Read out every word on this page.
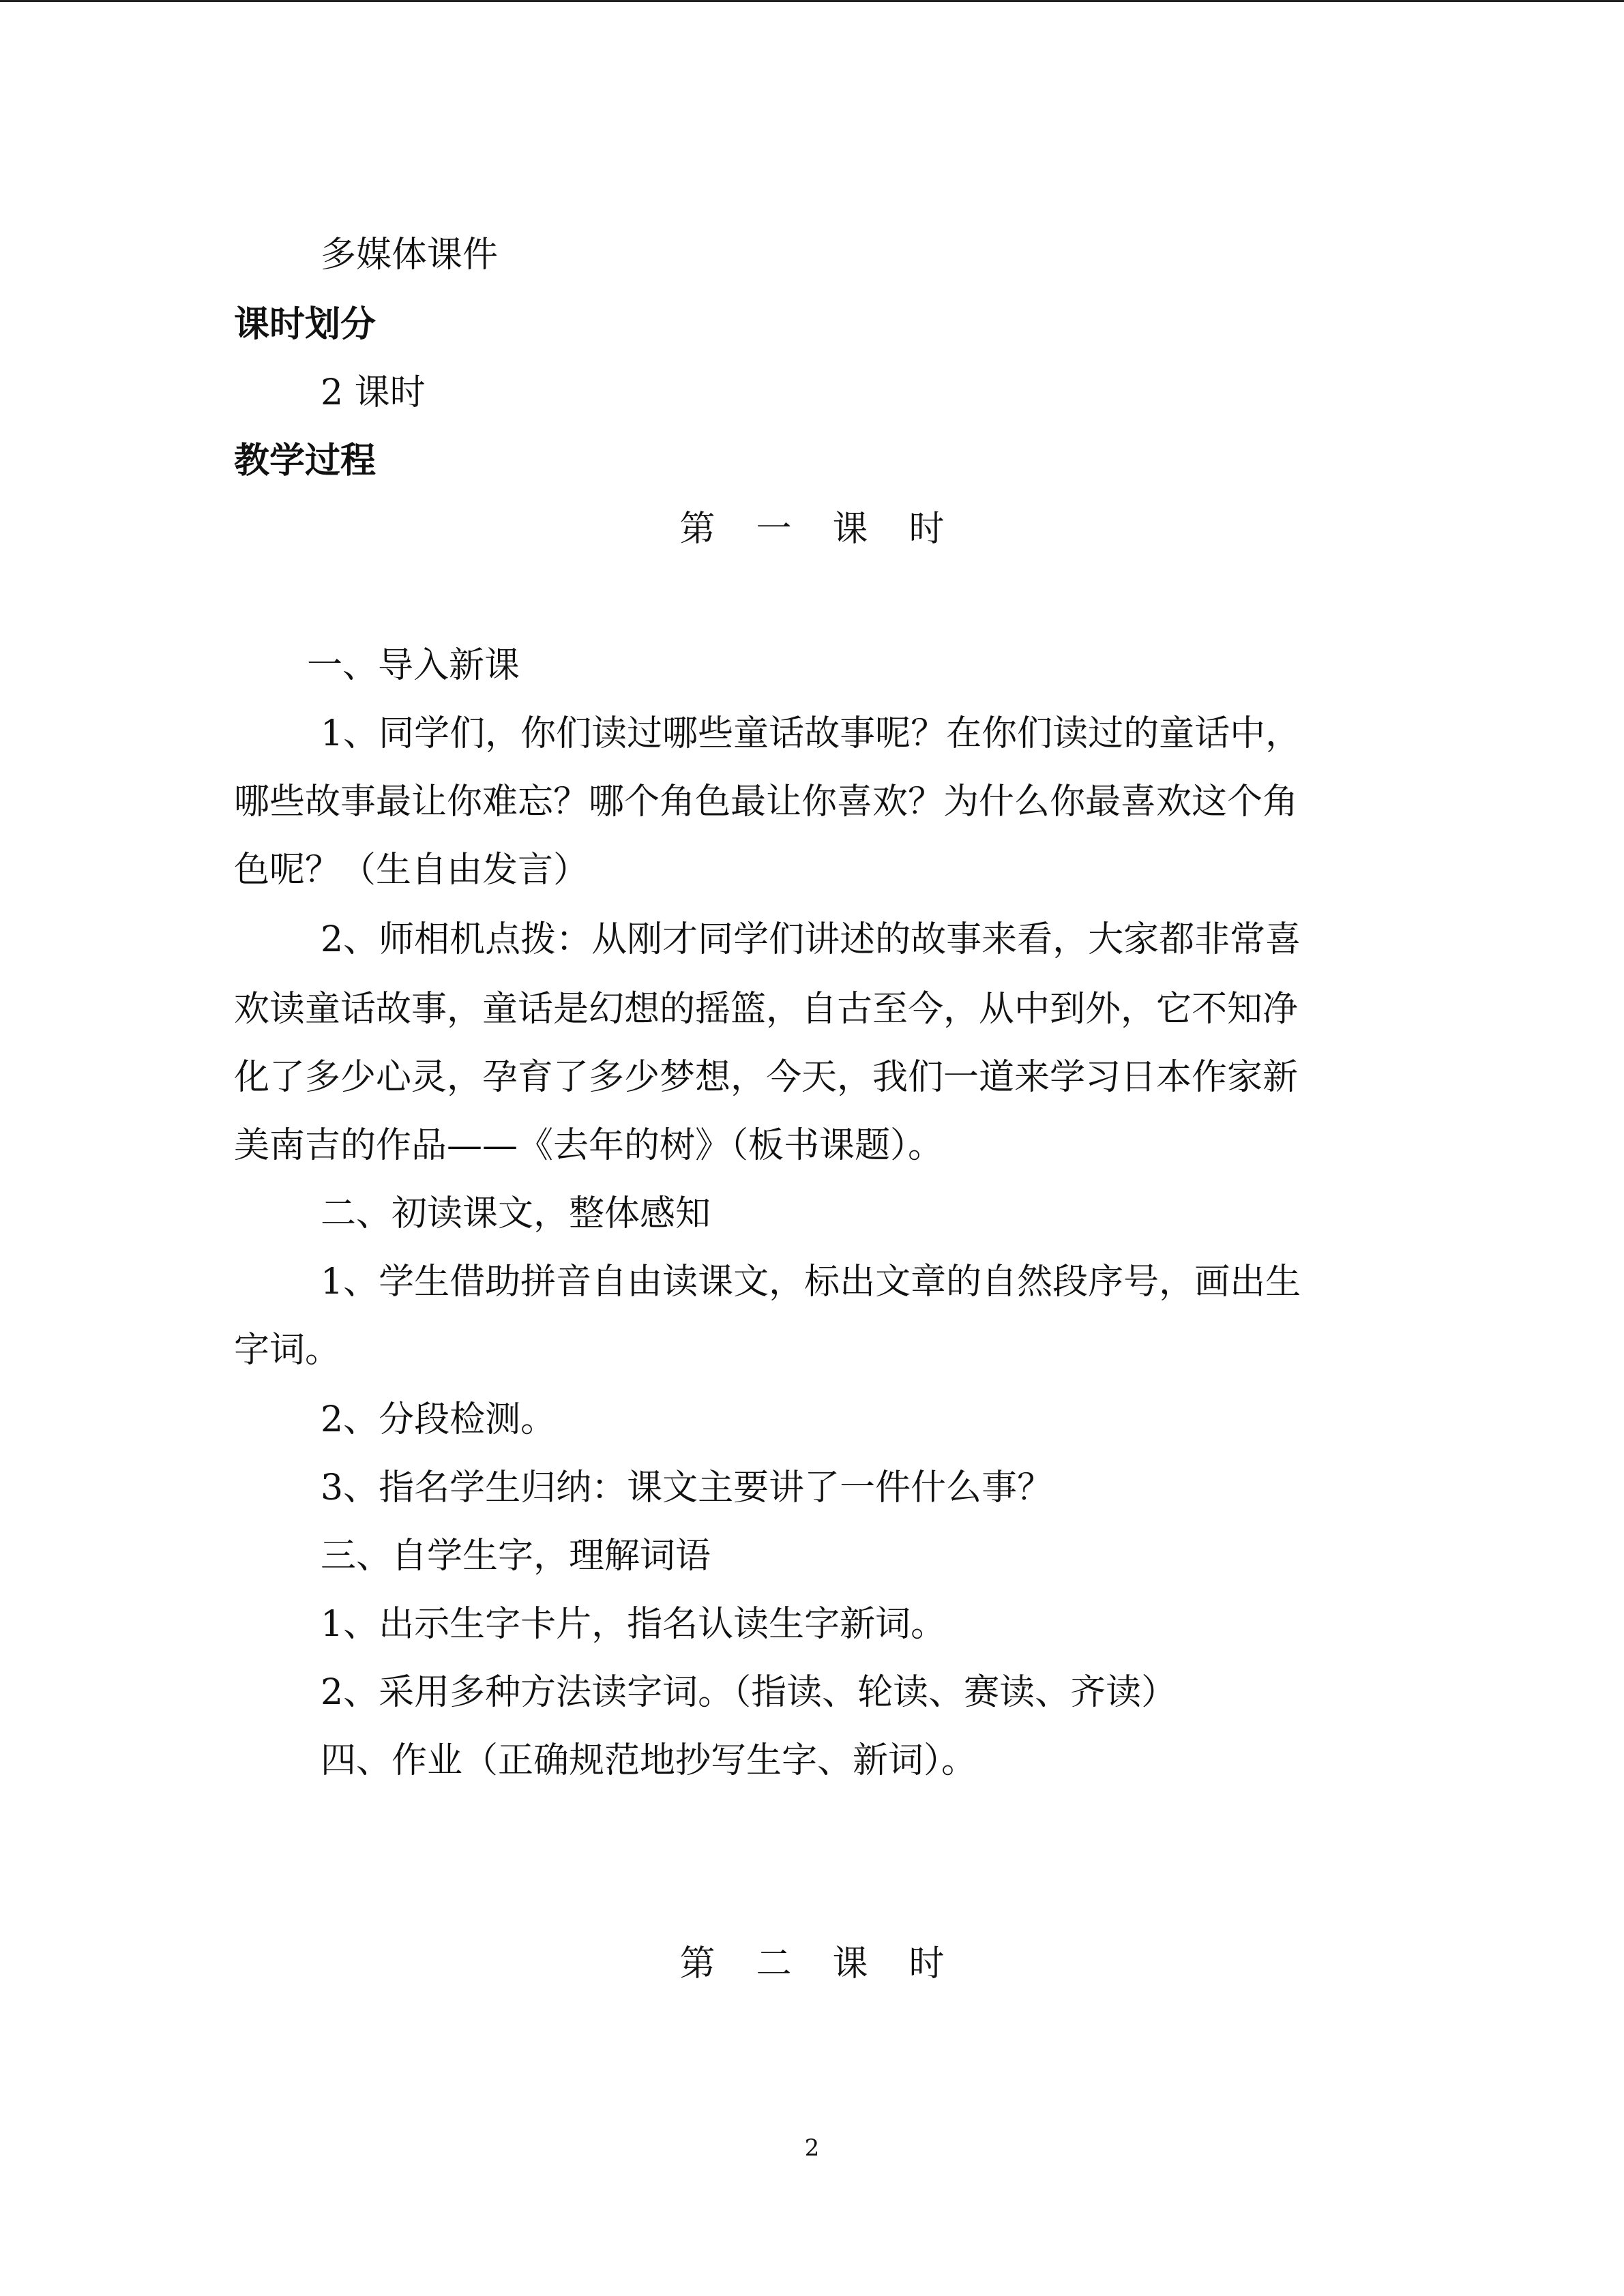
多媒体课件
课时划分
2 课时
教学过程
第一课时
一、导入新课
1、同学们，你们读过哪些童话故事呢？在你们读过的童话中，
哪些故事最让你难忘？哪个角色最让你喜欢？为什么你最喜欢这个角
色呢？（生自由发言）
2、师相机点拨：从刚才同学们讲述的故事来看，大家都非常喜
欢读童话故事，童话是幻想的摇篮，自古至今，从中到外，它不知净
化了多少心灵，孕育了多少梦想，今天，我们一道来学习日本作家新
美南吉的作品——《去年的树》（板书课题）。
二、初读课文，整体感知
1、学生借助拼音自由读课文，标出文章的自然段序号，画出生
字词。
2、分段检测。
3、指名学生归纳：课文主要讲了一件什么事？
三、自学生字，理解词语
1、出示生字卡片，指名认读生字新词。
2、采用多种方法读字词。（指读、轮读、赛读、齐读）
四、作业（正确规范地抄写生字、新词）。
第二课时
2
